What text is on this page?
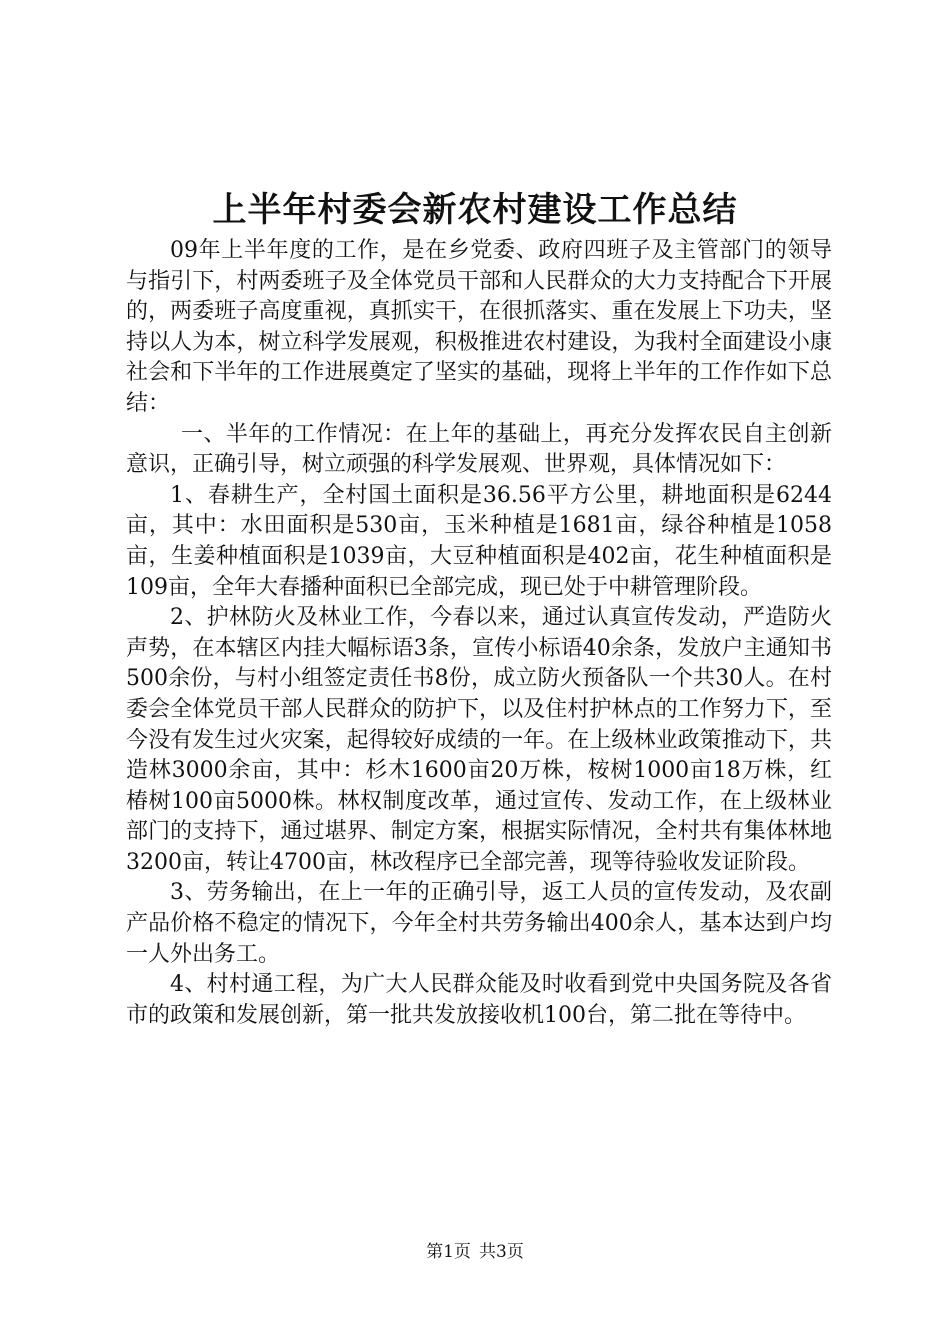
上半年村委会新农村建设工作总结

09年上半年度的工作，是在乡党委、政府四班子及主管部门的领导与指引下，村两委班子及全体党员干部和人民群众的大力支持配合下开展的，两委班子高度重视，真抓实干，在很抓落实、重在发展上下功夫，坚持以人为本，树立科学发展观，积极推进农村建设，为我村全面建设小康社会和下半年的工作进展奠定了坚实的基础，现将上半年的工作作如下总结：

一、半年的工作情况：在上年的基础上，再充分发挥农民自主创新意识，正确引导，树立顽强的科学发展观、世界观，具体情况如下：

1、春耕生产，全村国土面积是36.56平方公里，耕地面积是6244亩，其中：水田面积是530亩，玉米种植是1681亩，绿谷种植是1058亩，生姜种植面积是1039亩，大豆种植面积是402亩，花生种植面积是109亩，全年大春播种面积已全部完成，现已处于中耕管理阶段。

2、护林防火及林业工作，今春以来，通过认真宣传发动，严造防火声势，在本辖区内挂大幅标语3条，宣传小标语40余条，发放户主通知书500余份，与村小组签定责任书8份，成立防火预备队一个共30人。在村委会全体党员干部人民群众的防护下，以及住村护林点的工作努力下，至今没有发生过火灾案，起得较好成绩的一年。在上级林业政策推动下，共造林3000余亩，其中：杉木1600亩20万株，桉树1000亩18万株，红椿树100亩5000株。林权制度改革，通过宣传、发动工作，在上级林业部门的支持下，通过堪界、制定方案，根据实际情况，全村共有集体林地3200亩，转让4700亩，林改程序已全部完善，现等待验收发证阶段。

3、劳务输出，在上一年的正确引导，返工人员的宣传发动，及农副产品价格不稳定的情况下，今年全村共劳务输出400余人，基本达到户均一人外出务工。

4、村村通工程，为广大人民群众能及时收看到党中央国务院及各省市的政策和发展创新，第一批共发放接收机100台，第二批在等待中。

第1页 共3页
